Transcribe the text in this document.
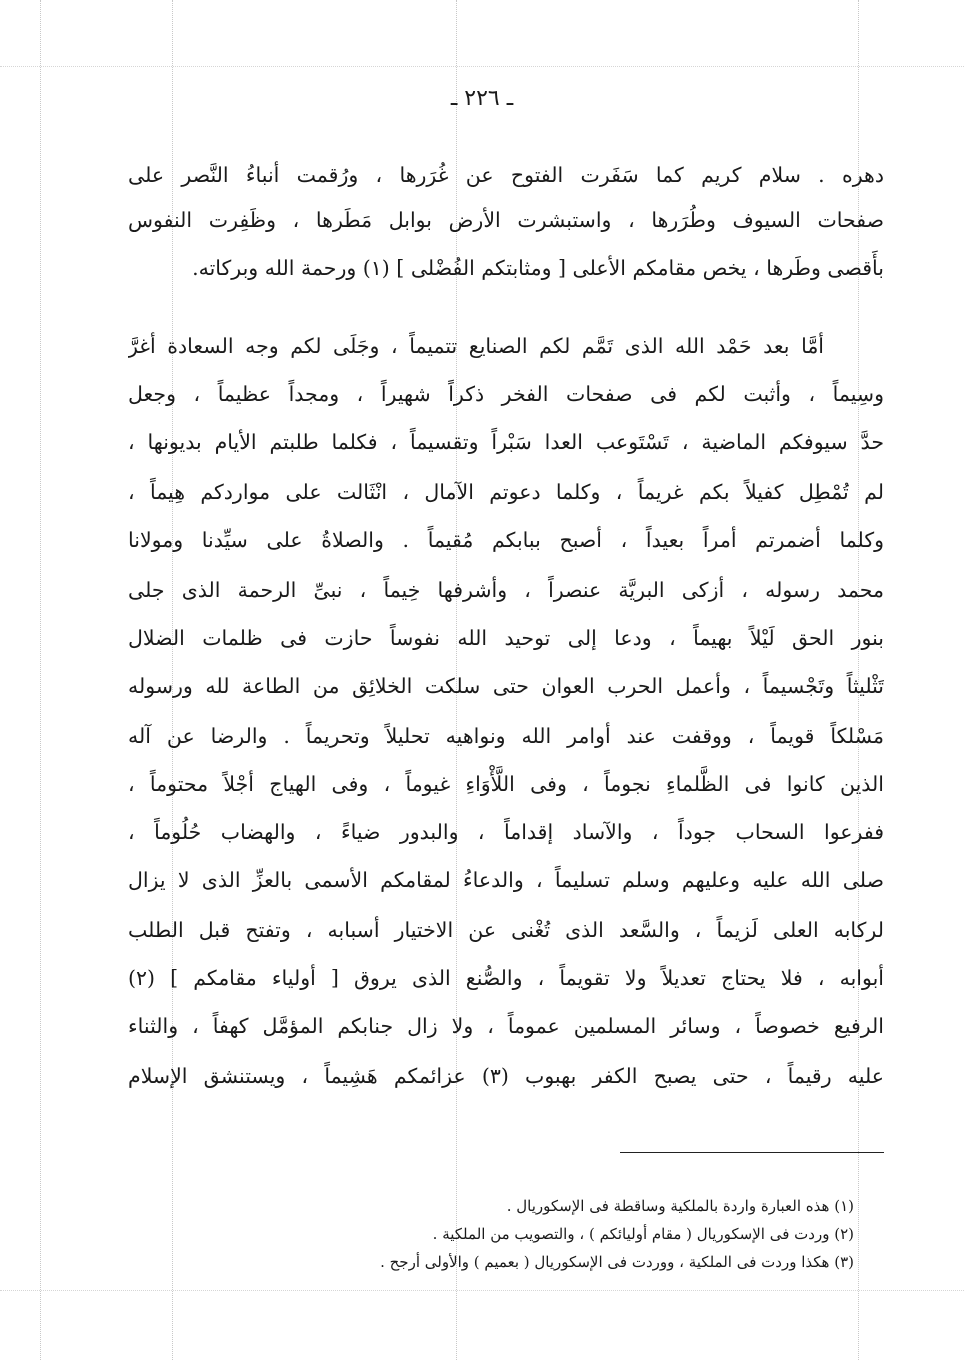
ـ ٢٢٦ ـ
دهره . سلام كريم كما سَفَرت الفتوح عن غُرَرها ، ورُقمت أنباءُ النَّصر على
صفحات السيوف وطُرَرها ، واستبشرت الأرض بوابل مَطَرها ، وظَفِرت النفوس
بأَقصى وطَرها ، يخص مقامكم الأعلى [ ومثابتكم الفُضْلى ] (١) ورحمة الله وبركاته.
أمَّا بعد حَمْد الله الذى تَمَّم لكم الصنايع تتميماً ، وجَلَى لكم وجه السعادة أغرَّ
وسِيماً ، وأثبت لكم فى صفحات الفخر ذكراً شهيراً ، ومجداً عظيماً ، وجعل
حدَّ سيوفكم الماضية ، تَسْتَوعب العدا سَبْراً وتقسيماً ، فكلما طلبتم الأيام بديونها ،
لم تُمْطِل كفيلاً بكم غريماً ، وكلما دعوتم الآمال ، انْثَالت على مواردكم هِيماً ،
وكلما أضمرتم أمراً بعيداً ، أصبح ببابكم مُقيماً . والصلاةُ على سيِّدنا ومولانا
محمد رسوله ، أزكى البريَّة عنصراً ، وأشرفها خِيماً ، نبىِّ الرحمة الذى جلى
بنور الحق لَيْلاً بهيماً ، ودعا إلى توحيد الله نفوساً حازت فى ظلمات الضلال
تَثْليثاً وتَجْسيماً ، وأعمل الحرب العوان حتى سلكت الخلائِق من الطاعة لله ورسوله
مَسْلكاً قويماً ، ووقفت عند أوامر الله ونواهيه تحليلاً وتحريماً . والرضا عن آله
الذين كانوا فى الظَّلماءِ نجوماً ، وفى اللَّأْوَاءِ غيوماً ، وفى الهياج أجْلاً محتوماً ،
ففرعوا السحاب جوداً ، والآساد إقداماً ، والبدور ضياءً ، والهضاب حُلُوماً ،
صلى الله عليه وعليهم وسلم تسليماً ، والدعاءُ لمقامكم الأسمى بالعزِّ الذى لا يزال
لركابه العلى لَزيماً ، والسَّعد الذى تُغْنى عن الاختيار أسبابه ، وتفتح قبل الطلب
أبوابه ، فلا يحتاج تعديلاً ولا تقويماً ، والصُّنع الذى يروق [ أولياء مقامكم ] (٢)
الرفيع خصوصاً ، وسائر المسلمين عموماً ، ولا زال جنابكم المؤمَّل كهفاً ، والثناء
عليه رقيماً ، حتى يصبح الكفر بهبوب (٣) عزائمكم هَشِيماً ، ويستنشق الإسلام
(١) هذه العبارة واردة بالملكية وساقطة فى الإسكوريال .
(٢) وردت فى الإسكوريال ( مقام أوليائكم ) ، والتصويب من الملكية .
(٣) هكذا وردت فى الملكية ، ووردت فى الإسكوريال ( بعميم ) والأولى أرجح .
